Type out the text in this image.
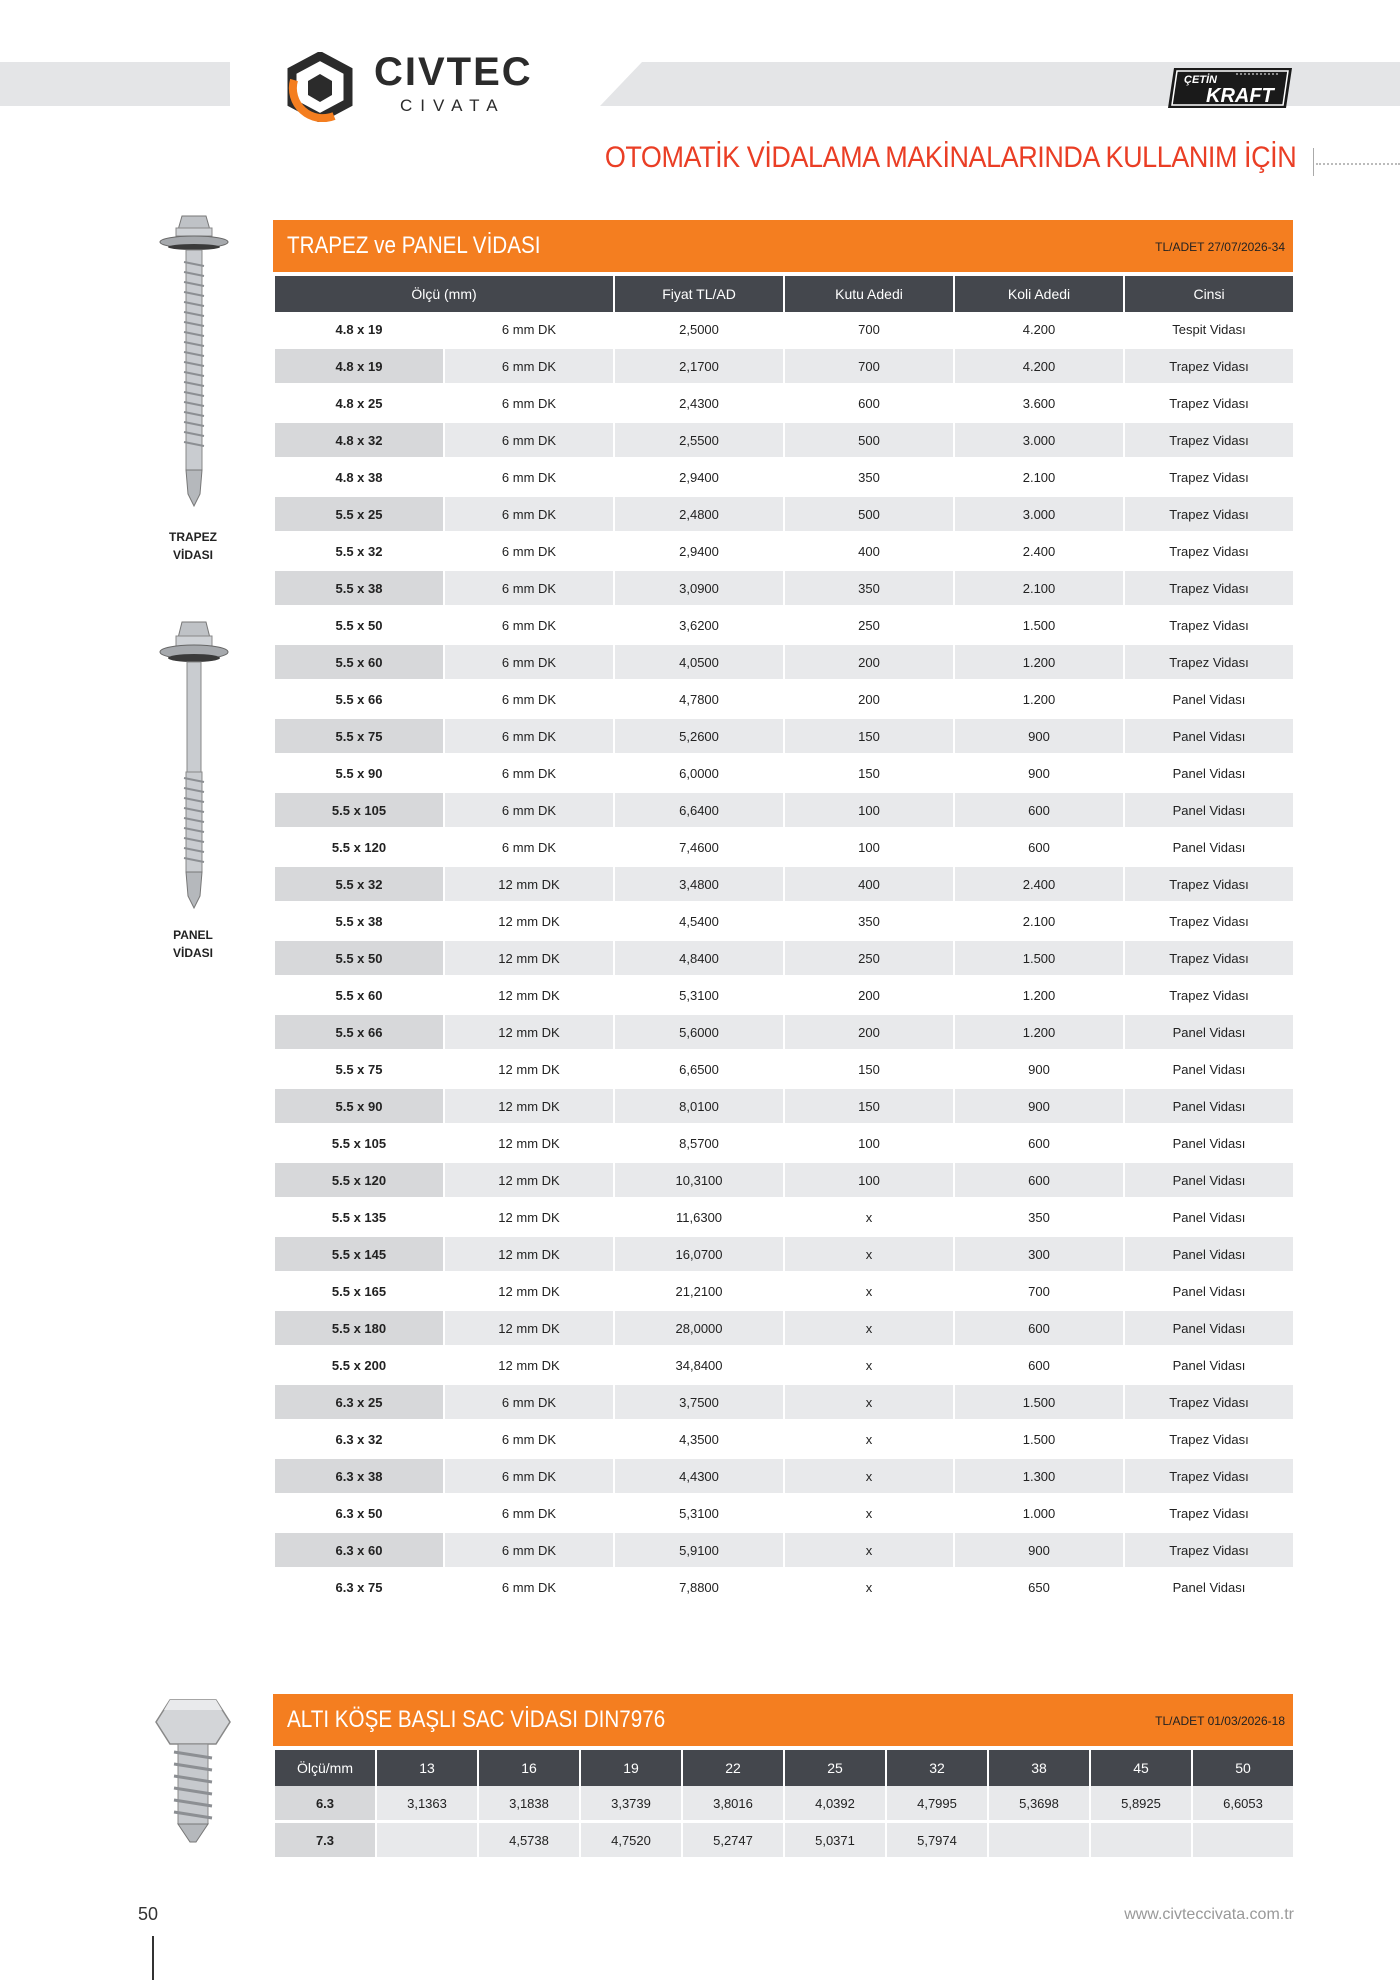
CIVTEC
CIVATA
ÇETİN
KRAFT
OTOMATİK VİDALAMA MAKİNALARINDA KULLANIM İÇİN
TRAPEZ
VİDASI
PANEL
VİDASI
TRAPEZ ve PANEL VİDASI	TL/ADET 27/07/2026-34
Ölçü (mm)		Fiyat TL/AD	Kutu Adedi	Koli Adedi	Cinsi
4.8 x 19	6 mm DK	2,5000	700	4.200	Tespit Vidası
4.8 x 19	6 mm DK	2,1700	700	4.200	Trapez Vidası
4.8 x 25	6 mm DK	2,4300	600	3.600	Trapez Vidası
4.8 x 32	6 mm DK	2,5500	500	3.000	Trapez Vidası
4.8 x 38	6 mm DK	2,9400	350	2.100	Trapez Vidası
5.5 x 25	6 mm DK	2,4800	500	3.000	Trapez Vidası
5.5 x 32	6 mm DK	2,9400	400	2.400	Trapez Vidası
5.5 x 38	6 mm DK	3,0900	350	2.100	Trapez Vidası
5.5 x 50	6 mm DK	3,6200	250	1.500	Trapez Vidası
5.5 x 60	6 mm DK	4,0500	200	1.200	Trapez Vidası
5.5 x 66	6 mm DK	4,7800	200	1.200	Panel Vidası
5.5 x 75	6 mm DK	5,2600	150	900	Panel Vidası
5.5 x 90	6 mm DK	6,0000	150	900	Panel Vidası
5.5 x 105	6 mm DK	6,6400	100	600	Panel Vidası
5.5 x 120	6 mm DK	7,4600	100	600	Panel Vidası
5.5 x 32	12 mm DK	3,4800	400	2.400	Trapez Vidası
5.5 x 38	12 mm DK	4,5400	350	2.100	Trapez Vidası
5.5 x 50	12 mm DK	4,8400	250	1.500	Trapez Vidası
5.5 x 60	12 mm DK	5,3100	200	1.200	Trapez Vidası
5.5 x 66	12 mm DK	5,6000	200	1.200	Panel Vidası
5.5 x 75	12 mm DK	6,6500	150	900	Panel Vidası
5.5 x 90	12 mm DK	8,0100	150	900	Panel Vidası
5.5 x 105	12 mm DK	8,5700	100	600	Panel Vidası
5.5 x 120	12 mm DK	10,3100	100	600	Panel Vidası
5.5 x 135	12 mm DK	11,6300	x	350	Panel Vidası
5.5 x 145	12 mm DK	16,0700	x	300	Panel Vidası
5.5 x 165	12 mm DK	21,2100	x	700	Panel Vidası
5.5 x 180	12 mm DK	28,0000	x	600	Panel Vidası
5.5 x 200	12 mm DK	34,8400	x	600	Panel Vidası
6.3 x 25	6 mm DK	3,7500	x	1.500	Trapez Vidası
6.3 x 32	6 mm DK	4,3500	x	1.500	Trapez Vidası
6.3 x 38	6 mm DK	4,4300	x	1.300	Trapez Vidası
6.3 x 50	6 mm DK	5,3100	x	1.000	Trapez Vidası
6.3 x 60	6 mm DK	5,9100	x	900	Trapez Vidası
6.3 x 75	6 mm DK	7,8800	x	650	Panel Vidası
ALTI KÖŞE BAŞLI SAC VİDASI DIN7976	TL/ADET 01/03/2026-18
Ölçü/mm	13	16	19	22	25	32	38	45	50
6.3	3,1363	3,1838	3,3739	3,8016	4,0392	4,7995	5,3698	5,8925	6,6053
7.3		4,5738	4,7520	5,2747	5,0371	5,7974			
50	www.civteccivata.com.tr
